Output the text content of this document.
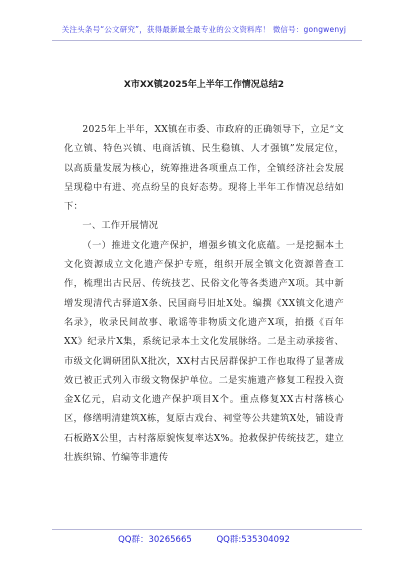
关注头条号“公文研究”，获得最新最全最专业的公文资料库！ 微信号：gongwenyj
X市XX镇2025年上半年工作情况总结2

2025年上半年，XX镇在市委、市政府的正确领导下，立足“文化立镇、特色兴镇、电商活镇、民生稳镇、人才强镇”发展定位，以高质量发展为核心，统筹推进各项重点工作，全镇经济社会发展呈现稳中有进、亮点纷呈的良好态势。现将上半年工作情况总结如下：

一、工作开展情况

（一）推进文化遗产保护，增强乡镇文化底蕴。一是挖掘本土文化资源成立文化遗产保护专班，组织开展全镇文化资源普查工作，梳理出古民居、传统技艺、民俗文化等各类遗产X项。其中新增发现清代古驿道X条、民国商号旧址X处。编撰《XX镇文化遗产名录》，收录民间故事、歌谣等非物质文化遗产X项，拍摄《百年XX》纪录片X集，系统记录本土文化发展脉络。二是主动承接省、市级文化调研团队X批次，XX村古民居群保护工作也取得了显著成效已被正式列入市级文物保护单位。二是实施遗产修复工程投入资金X亿元，启动文化遗产保护项目X个。重点修复XX古村落核心区，修缮明清建筑X栋，复原古戏台、祠堂等公共建筑X处，铺设青石板路X公里，古村落原貌恢复率达X%。抢救保护传统技艺，建立壮族织锦、竹编等非遗传

QQ群：30265665	QQ群:535304092
